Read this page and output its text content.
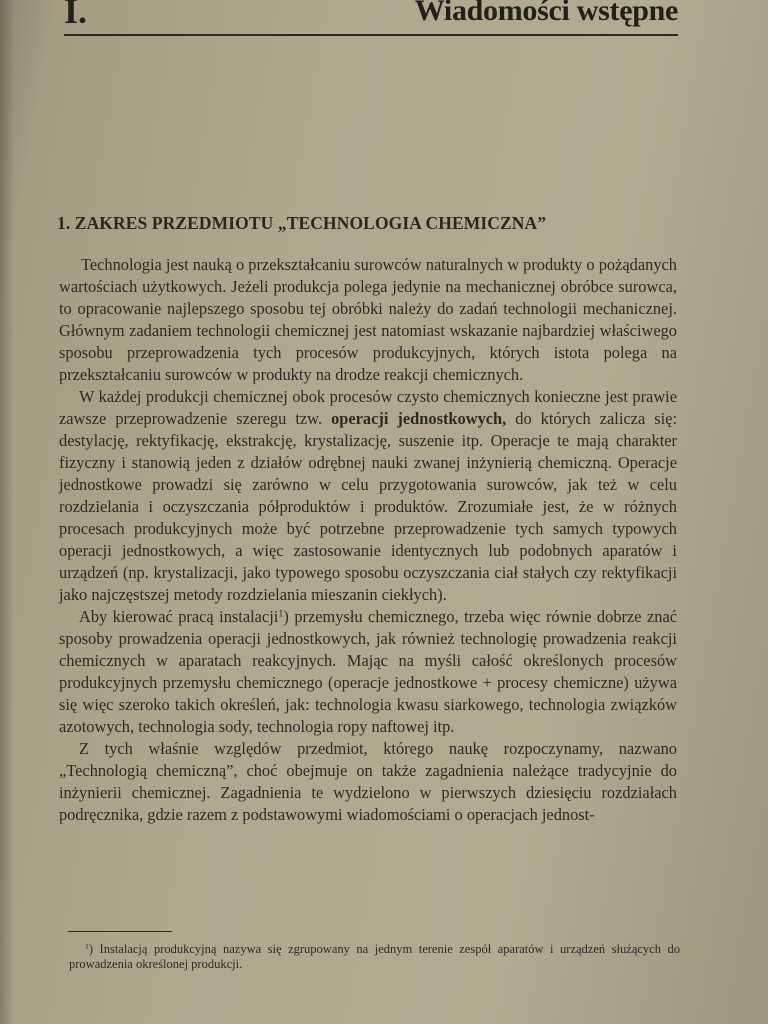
I.	Wiadomości wstępne
1. ZAKRES PRZEDMIOTU „TECHNOLOGIA CHEMICZNA”

Technologia jest nauką o przekształcaniu surowców naturalnych w produkty o pożądanych wartościach użytkowych. Jeżeli produkcja polega jedynie na mechanicznej obróbce surowca, to opracowanie najlepszego sposobu tej obróbki należy do zadań technologii mechanicznej. Głównym zadaniem technologii chemicznej jest natomiast wskazanie najbardziej właściwego sposobu przeprowadzenia tych procesów produkcyjnych, których istota polega na przekształcaniu surowców w produkty na drodze reakcji chemicznych.

W każdej produkcji chemicznej obok procesów czysto chemicznych konieczne jest prawie zawsze przeprowadzenie szeregu tzw. operacji jednostkowych, do których zalicza się: destylację, rektyfikację, ekstrakcję, krystalizację, suszenie itp. Operacje te mają charakter fizyczny i stanowią jeden z działów odrębnej nauki zwanej inżynierią chemiczną. Operacje jednostkowe prowadzi się zarówno w celu przygotowania surowców, jak też w celu rozdzielania i oczyszczania półproduktów i produktów. Zrozumiałe jest, że w różnych procesach produkcyjnych może być potrzebne przeprowadzenie tych samych typowych operacji jednostkowych, a więc zastosowanie identycznych lub podobnych aparatów i urządzeń (np. krystalizacji, jako typowego sposobu oczyszczania ciał stałych czy rektyfikacji jako najczęstszej metody rozdzielania mieszanin ciekłych).

Aby kierować pracą instalacji$^1$) przemysłu chemicznego, trzeba więc równie dobrze znać sposoby prowadzenia operacji jednostkowych, jak również technologię prowadzenia reakcji chemicznych w aparatach reakcyjnych. Mając na myśli całość określonych procesów produkcyjnych przemysłu chemicznego (operacje jednostkowe + procesy chemiczne) używa się więc szeroko takich określeń, jak: technologia kwasu siarkowego, technologia związków azotowych, technologia sody, technologia ropy naftowej itp.

Z tych właśnie względów przedmiot, którego naukę rozpoczynamy, nazwano „Technologią chemiczną”, choć obejmuje on także zagadnienia należące tradycyjnie do inżynierii chemicznej. Zagadnienia te wydzielono w pierwszych dziesięciu rozdziałach podręcznika, gdzie razem z podstawowymi wiadomościami o operacjach jednost-

$^1$) Instalacją produkcyjną nazywa się zgrupowany na jednym terenie zespół aparatów i urządzeń służących do prowadzenia określonej produkcji.
